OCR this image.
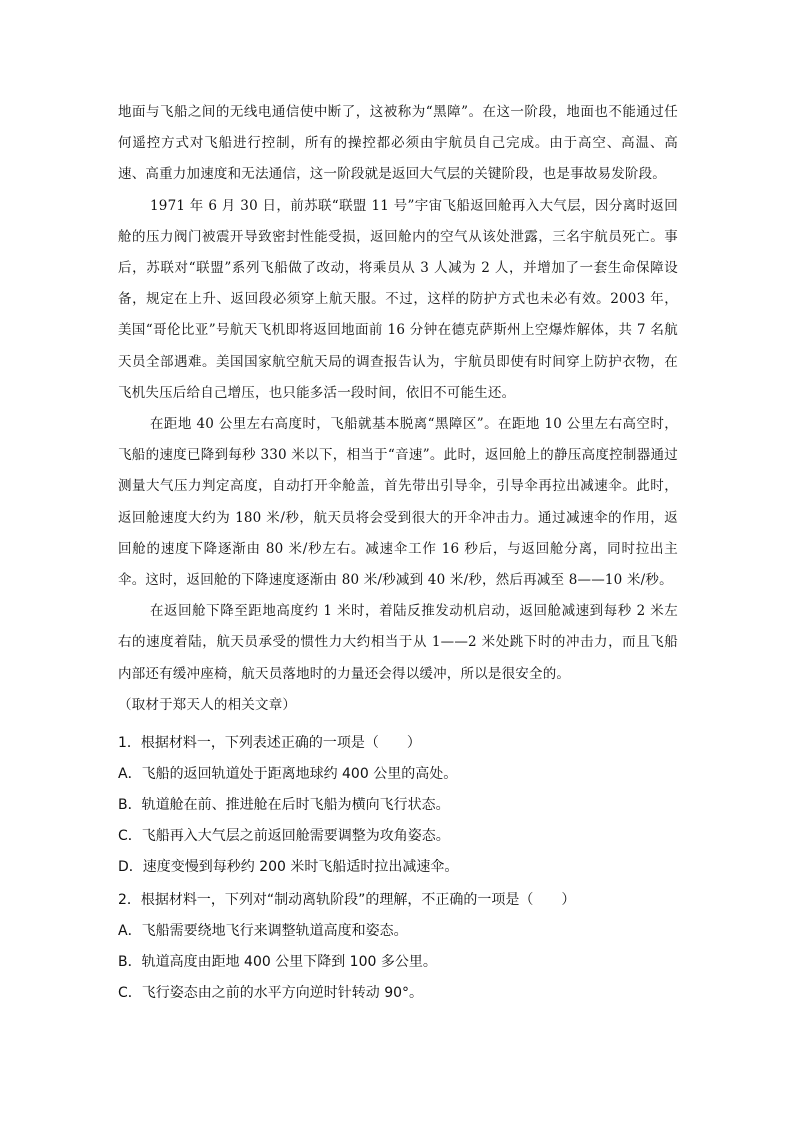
地面与飞船之间的无线电通信使中断了，这被称为“黑障”。在这一阶段，地面也不能通过任何遥控方式对飞船进行控制，所有的操控都必须由宇航员自己完成。由于高空、高温、高速、高重力加速度和无法通信，这一阶段就是返回大气层的关键阶段，也是事故易发阶段。

1971 年 6 月 30 日，前苏联“联盟 11 号”宇宙飞船返回舱再入大气层，因分离时返回舱的压力阀门被震开导致密封性能受损，返回舱内的空气从该处泄露，三名宇航员死亡。事后，苏联对“联盟”系列飞船做了改动，将乘员从 3 人减为 2 人，并增加了一套生命保障设备，规定在上升、返回段必须穿上航天服。不过，这样的防护方式也未必有效。2003 年，美国“哥伦比亚”号航天飞机即将返回地面前 16 分钟在德克萨斯州上空爆炸解体，共 7 名航天员全部遇难。美国国家航空航天局的调查报告认为，宇航员即使有时间穿上防护衣物，在飞机失压后给自己增压，也只能多活一段时间，依旧不可能生还。

在距地 40 公里左右高度时，飞船就基本脱离“黑障区”。在距地 10 公里左右高空时，飞船的速度已降到每秒 330 米以下，相当于“音速”。此时，返回舱上的静压高度控制器通过测量大气压力判定高度，自动打开伞舱盖，首先带出引导伞，引导伞再拉出减速伞。此时，返回舱速度大约为 180 米/秒，航天员将会受到很大的开伞冲击力。通过减速伞的作用，返回舱的速度下降逐渐由 80 米/秒左右。减速伞工作 16 秒后，与返回舱分离，同时拉出主伞。这时，返回舱的下降速度逐渐由 80 米/秒减到 40 米/秒，然后再减至 8——10 米/秒。

在返回舱下降至距地高度约 1 米时，着陆反推发动机启动，返回舱减速到每秒 2 米左右的速度着陆，航天员承受的惯性力大约相当于从 1——2 米处跳下时的冲击力，而且飞船内部还有缓冲座椅，航天员落地时的力量还会得以缓冲，所以是很安全的。

（取材于郑天人的相关文章）

1．根据材料一，下列表述正确的一项是（　　）

A．飞船的返回轨道处于距离地球约 400 公里的高处。

B．轨道舱在前、推进舱在后时飞船为横向飞行状态。

C．飞船再入大气层之前返回舱需要调整为攻角姿态。

D．速度变慢到每秒约 200 米时飞船适时拉出减速伞。

2．根据材料一，下列对“制动离轨阶段”的理解，不正确的一项是（　　）

A．飞船需要绕地飞行来调整轨道高度和姿态。

B．轨道高度由距地 400 公里下降到 100 多公里。

C．飞行姿态由之前的水平方向逆时针转动 90°。
